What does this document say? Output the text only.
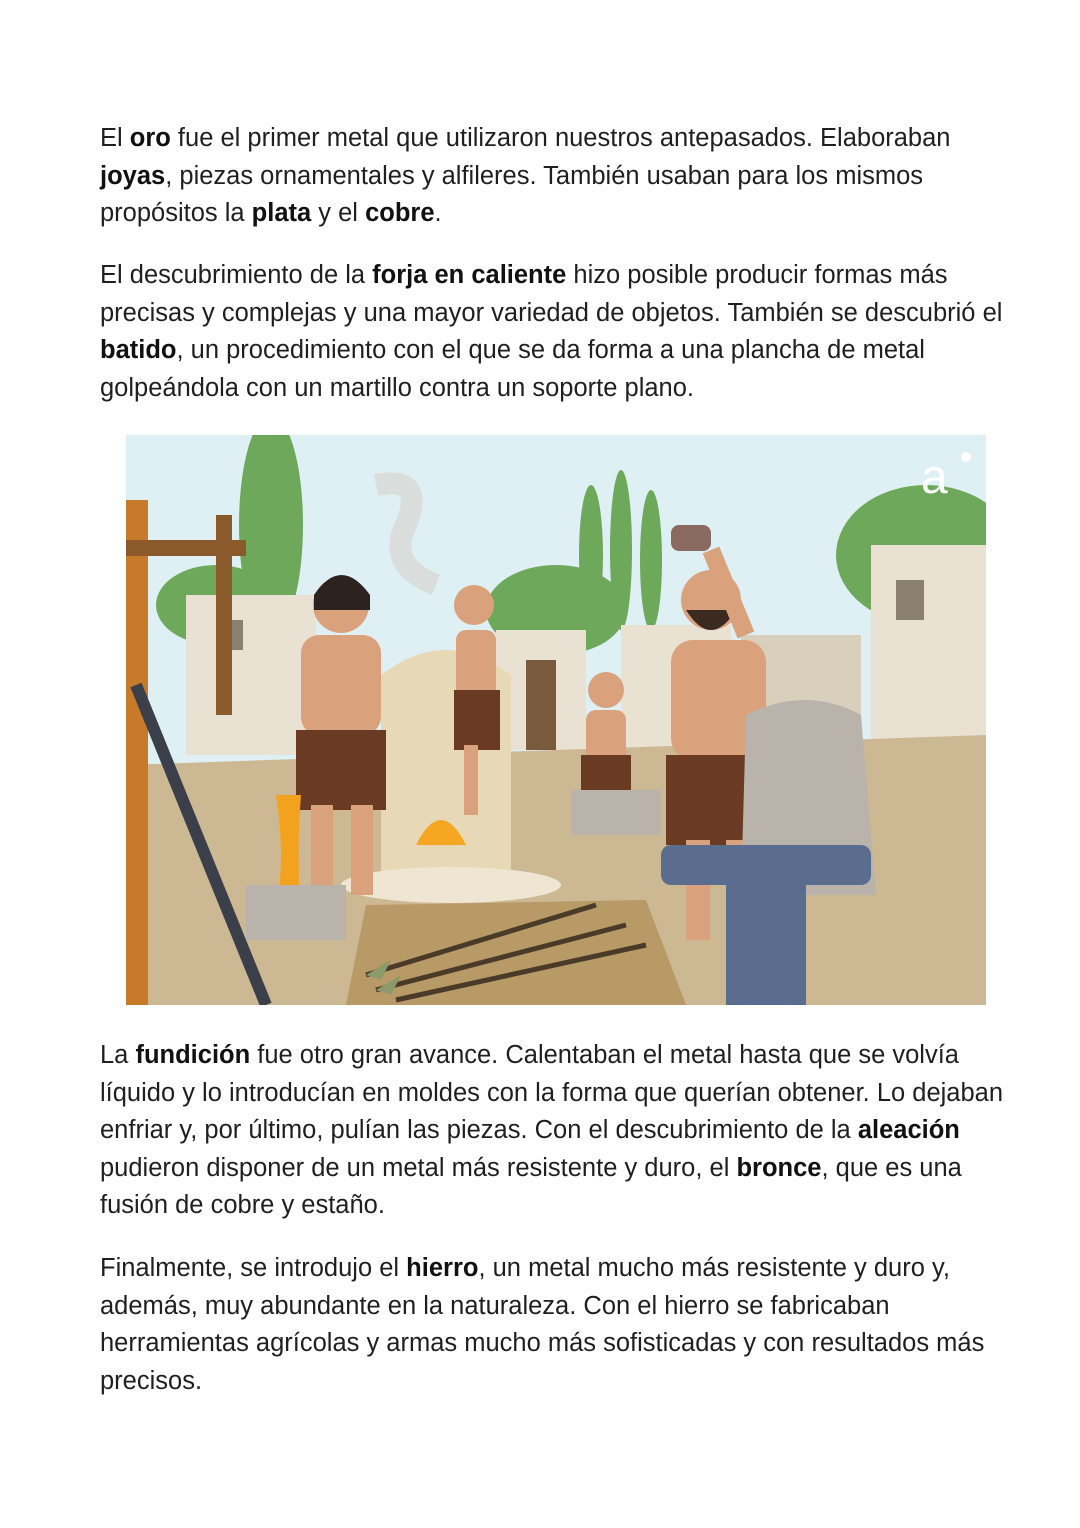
El oro fue el primer metal que utilizaron nuestros antepasados. Elaboraban joyas, piezas ornamentales y alfileres. También usaban para los mismos propósitos la plata y el cobre.

El descubrimiento de la forja en caliente hizo posible producir formas más precisas y complejas y una mayor variedad de objetos. También se descubrió el batido, un procedimiento con el que se da forma a una plancha de metal golpeándola con un martillo contra un soporte plano.

a

La fundición fue otro gran avance. Calentaban el metal hasta que se volvía líquido y lo introducían en moldes con la forma que querían obtener. Lo dejaban enfriar y, por último, pulían las piezas. Con el descubrimiento de la aleación pudieron disponer de un metal más resistente y duro, el bronce, que es una fusión de cobre y estaño.

Finalmente, se introdujo el hierro, un metal mucho más resistente y duro y, además, muy abundante en la naturaleza. Con el hierro se fabricaban herramientas agrícolas y armas mucho más sofisticadas y con resultados más precisos.
